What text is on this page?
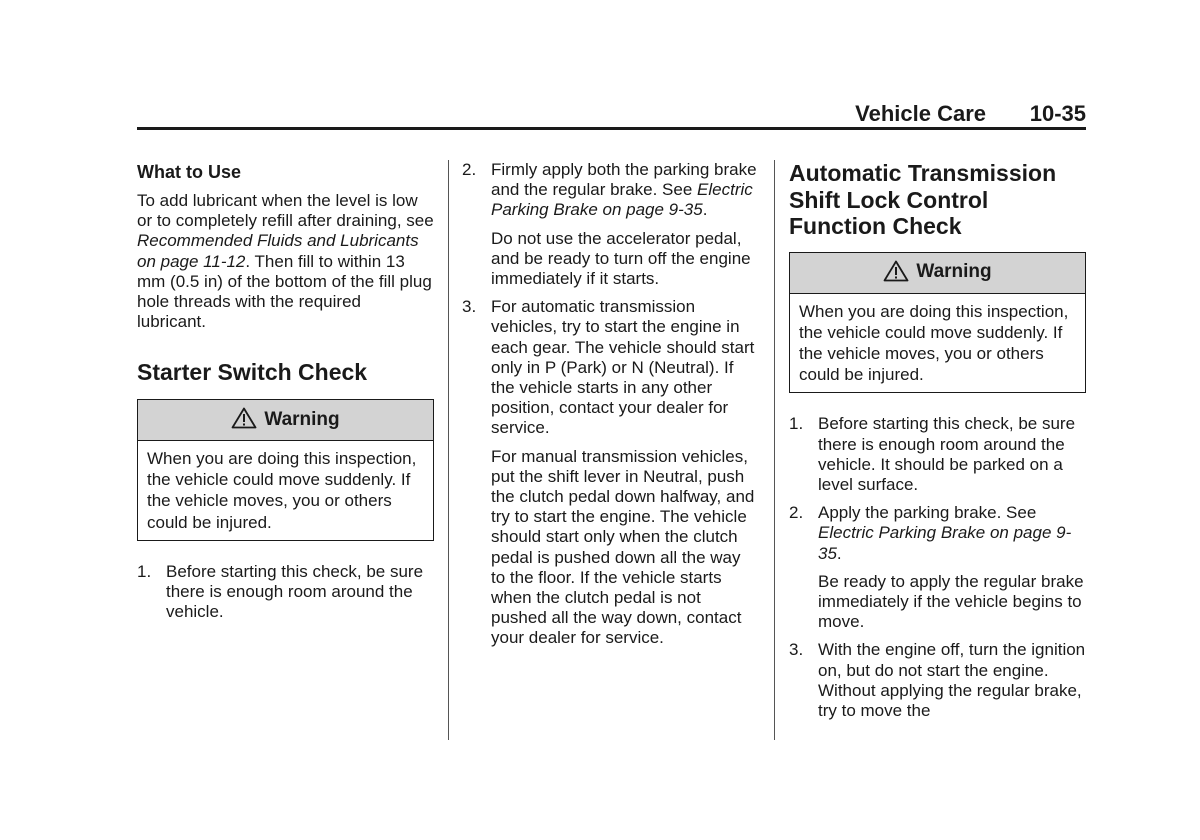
Vehicle Care 10-35
What to Use

To add lubricant when the level is low or to completely refill after draining, see Recommended Fluids and Lubricants on page 11-12. Then fill to within 13 mm (0.5 in) of the bottom of the fill plug hole threads with the required lubricant.

Starter Switch Check
Warning
When you are doing this inspection, the vehicle could move suddenly. If the vehicle moves, you or others could be injured.
1. Before starting this check, be sure there is enough room around the vehicle.
2. Firmly apply both the parking brake and the regular brake. See Electric Parking Brake on page 9-35.

Do not use the accelerator pedal, and be ready to turn off the engine immediately if it starts.

3. For automatic transmission vehicles, try to start the engine in each gear. The vehicle should start only in P (Park) or N (Neutral). If the vehicle starts in any other position, contact your dealer for service.

For manual transmission vehicles, put the shift lever in Neutral, push the clutch pedal down halfway, and try to start the engine. The vehicle should start only when the clutch pedal is pushed down all the way to the floor. If the vehicle starts when the clutch pedal is not pushed all the way down, contact your dealer for service.

Automatic Transmission Shift Lock Control Function Check
Warning
When you are doing this inspection, the vehicle could move suddenly. If the vehicle moves, you or others could be injured.
1. Before starting this check, be sure there is enough room around the vehicle. It should be parked on a level surface.
2. Apply the parking brake. See Electric Parking Brake on page 9-35.

Be ready to apply the regular brake immediately if the vehicle begins to move.

3. With the engine off, turn the ignition on, but do not start the engine. Without applying the regular brake, try to move the
